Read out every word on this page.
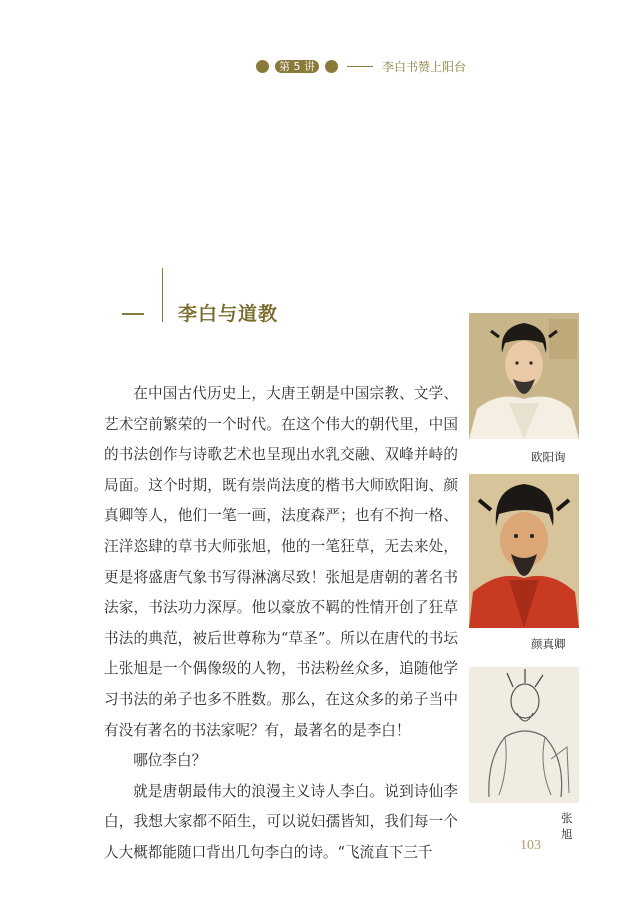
第 5 讲	李白书赞上阳台
李白与道教

在中国古代历史上，大唐王朝是中国宗教、文学、艺术空前繁荣的一个时代。在这个伟大的朝代里，中国的书法创作与诗歌艺术也呈现出水乳交融、双峰并峙的局面。这个时期，既有崇尚法度的楷书大师欧阳询、颜真卿等人，他们一笔一画，法度森严；也有不拘一格、汪洋恣肆的草书大师张旭，他的一笔狂草，无去来处，更是将盛唐气象书写得淋漓尽致！张旭是唐朝的著名书法家，书法功力深厚。他以豪放不羁的性情开创了狂草书法的典范，被后世尊称为“草圣”。所以在唐代的书坛上张旭是一个偶像级的人物，书法粉丝众多，追随他学习书法的弟子也多不胜数。那么，在这众多的弟子当中有没有著名的书法家呢？有，最著名的是李白！

哪位李白？

就是唐朝最伟大的浪漫主义诗人李白。说到诗仙李白，我想大家都不陌生，可以说妇孺皆知，我们每一个人大概都能随口背出几句李白的诗。“飞流直下三千

欧阳询
颜真卿
张旭
103
